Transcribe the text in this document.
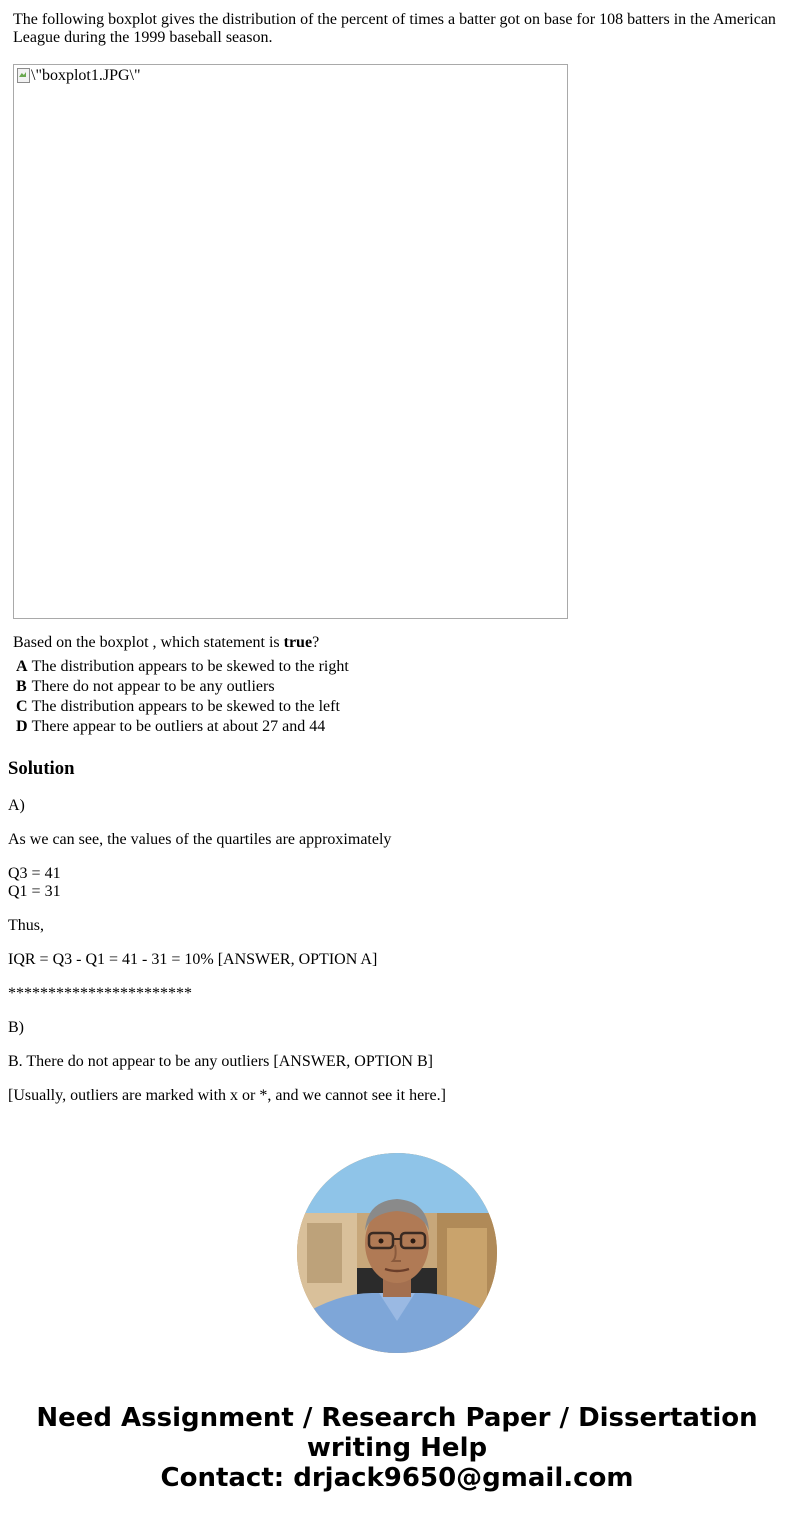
The following boxplot gives the distribution of the percent of times a batter got on base for 108 batters in the American League during the 1999 baseball season.

\"boxplot1.JPG\"

Based on the boxplot , which statement is true?

A	The distribution appears to be skewed to the right
B	There do not appear to be any outliers
C	The distribution appears to be skewed to the left
D	There appear to be outliers at about 27 and 44
Solution

A)

As we can see, the values of the quartiles are approximately

Q3 = 41
Q1 = 31

Thus,

IQR = Q3 - Q1 = 41 - 31 = 10% [ANSWER, OPTION A]

***********************

B)

B. There do not appear to be any outliers [ANSWER, OPTION B]

[Usually, outliers are marked with x or *, and we cannot see it here.]

Need Assignment / Research Paper / Dissertation
writing Help
Contact: drjack9650@gmail.com
